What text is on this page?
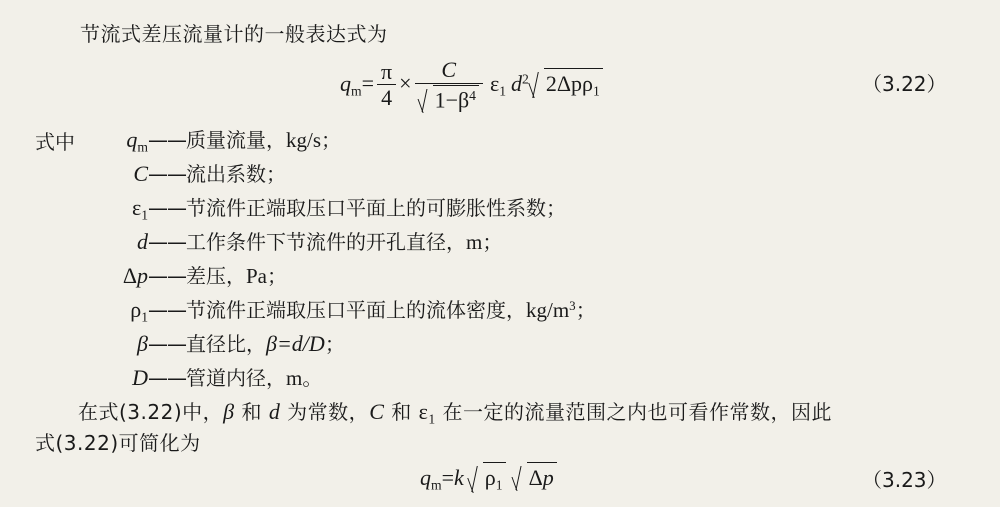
节流式差压流量计的一般表达式为
$q_m= \frac{\pi}{4} \times \frac{C}{1-\beta^4} \varepsilon_1$ $d^2$ 2Δpρ$_1$	（3.22）
式中	$q_m——$质量流量，kg/s；
C——流出系数；
$\varepsilon_1——$节流件正端取压口平面上的可膨胀性系数；
d——工作条件下节流件的开孔直径，m；
Δp——差压，Pa；
$\rho_1——$节流件正端取压口平面上的流体密度，$kg/m^3$；
β——直径比，β=d/D；
D——管道内径，m。
在式(3.22)中，β 和 d 为常数，C 和 $\varepsilon_1$ 在一定的流量范围之内也可看作常数，因此
式(3.22)可简化为
$q_m=k$ $\rho_1$ Δp	（3.23）
